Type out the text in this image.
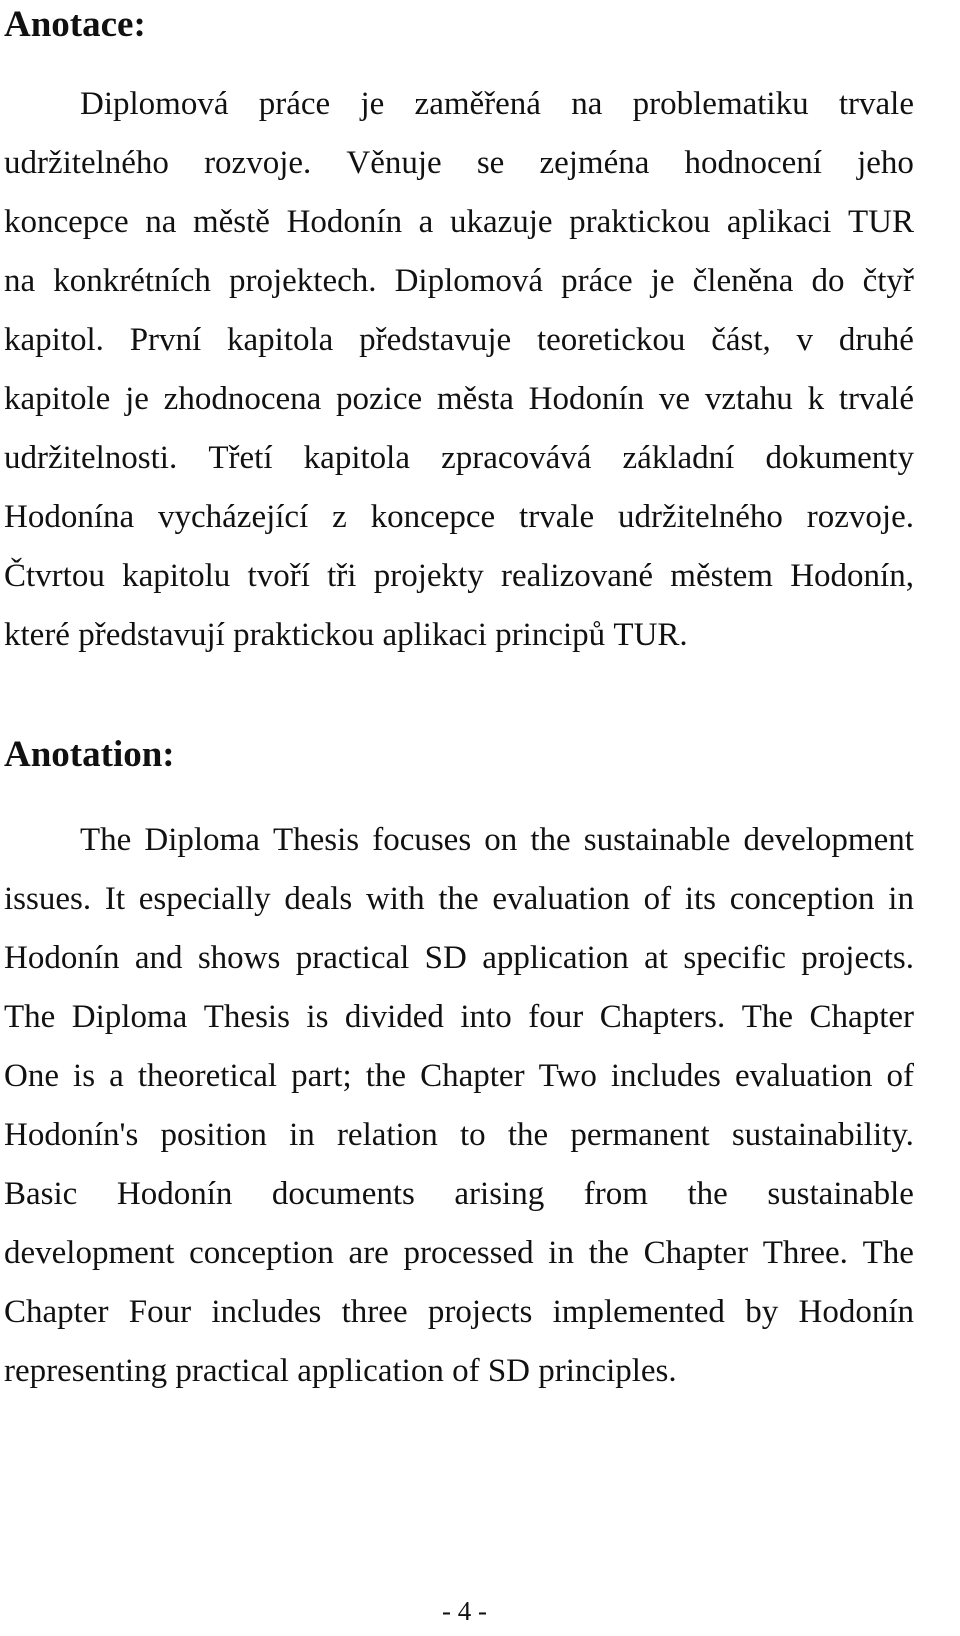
Anotace:

Diplomová práce je zaměřená na problematiku trvale

udržitelného rozvoje. Věnuje se zejména hodnocení jeho

koncepce na městě Hodonín a ukazuje praktickou aplikaci TUR

na konkrétních projektech. Diplomová práce je členěna do čtyř

kapitol. První kapitola představuje teoretickou část, v druhé

kapitole je zhodnocena pozice města Hodonín ve vztahu k trvalé

udržitelnosti. Třetí kapitola zpracovává základní dokumenty

Hodonína vycházející z koncepce trvale udržitelného rozvoje.

Čtvrtou kapitolu tvoří tři projekty realizované městem Hodonín,

které
představují
praktickou
aplikaci
principů
TUR.

Anotation:

The Diploma Thesis focuses on the sustainable development

issues. It especially deals with the evaluation of its conception in

Hodonín and shows practical SD application at specific projects.

The Diploma Thesis is divided into four Chapters. The Chapter

One is a theoretical part; the Chapter Two includes evaluation of

Hodonín's position in relation to the permanent sustainability.

Basic Hodonín documents arising from the sustainable

development conception are processed in the Chapter Three. The

Chapter Four includes three projects implemented by Hodonín

representing
practical
application
of
SD
principles.

- 4 -
